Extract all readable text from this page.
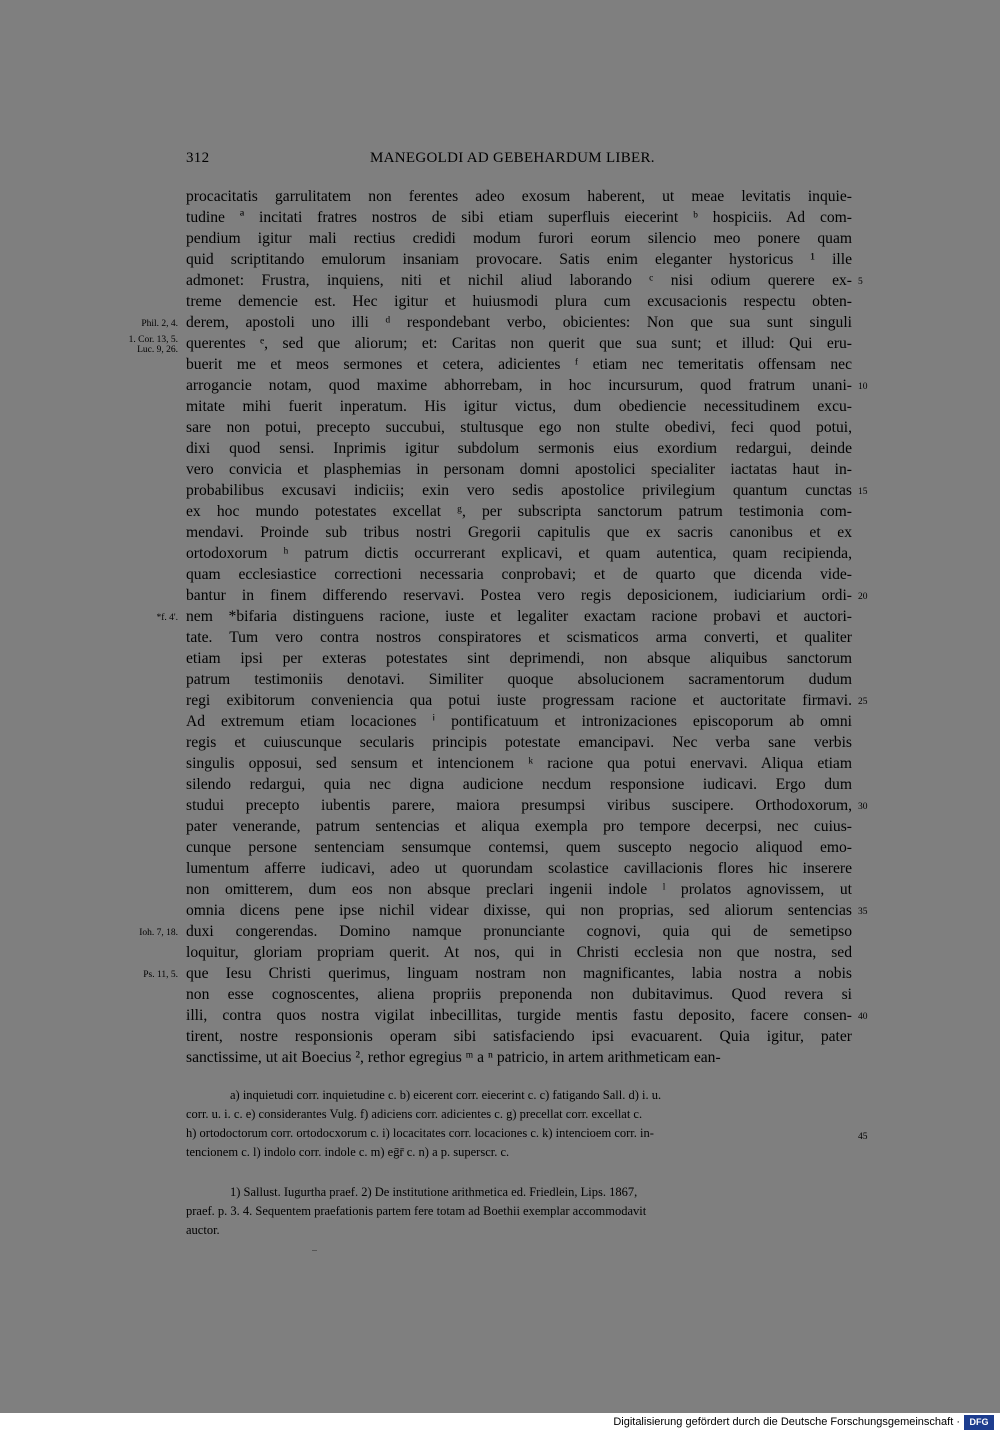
312	MANEGOLDI AD GEBEHARDUM LIBER.
procacitatis garrulitatem non ferentes adeo exosum haberent, ut meae levitatis inquie-
tudine ª incitati fratres nostros de sibi etiam superfluis eiecerint ᵇ hospiciis. Ad com-
pendium igitur mali rectius credidi modum furori eorum silencio meo ponere quam
quid scriptitando emulorum insaniam provocare. Satis enim eleganter hystoricus ¹ ille
admonet: Frustra, inquiens, niti et nichil aliud laborando ᶜ nisi odium querere ex-
treme demencie est. Hec igitur et huiusmodi plura cum excusacionis respectu obten-
derem, apostoli uno illi ᵈ respondebant verbo, obicientes: Non que sua sunt singuli
querentes ᵉ, sed que aliorum; et: Caritas non querit que sua sunt; et illud: Qui eru-
buerit me et meos sermones et cetera, adicientes ᶠ etiam nec temeritatis offensam nec
arrogancie notam, quod maxime abhorrebam, in hoc incursurum, quod fratrum unani-
mitate mihi fuerit inperatum. His igitur victus, dum obediencie necessitudinem excu-
sare non potui, precepto succubui, stultusque ego non stulte obedivi, feci quod potui,
dixi quod sensi. Inprimis igitur subdolum sermonis eius exordium redargui, deinde
vero convicia et plasphemias in personam domni apostolici specialiter iactatas haut in-
probabilibus excusavi indiciis; exin vero sedis apostolice privilegium quantum cunctas
ex hoc mundo potestates excellat ᵍ, per subscripta sanctorum patrum testimonia com-
mendavi. Proinde sub tribus nostri Gregorii capitulis que ex sacris canonibus et ex
ortodoxorum ʰ patrum dictis occurrerant explicavi, et quam autentica, quam recipienda,
quam ecclesiastice correctioni necessaria conprobavi; et de quarto que dicenda vide-
bantur in finem differendo reservavi. Postea vero regis deposicionem, iudiciarium ordi-
nem *bifaria distinguens racione, iuste et legaliter exactam racione probavi et auctori-
tate. Tum vero contra nostros conspiratores et scismaticos arma converti, et qualiter
etiam ipsi per exteras potestates sint deprimendi, non absque aliquibus sanctorum
patrum testimoniis denotavi. Similiter quoque absolucionem sacramentorum dudum
regi exibitorum conveniencia qua potui iuste progressam racione et auctoritate firmavi.
Ad extremum etiam locaciones ⁱ pontificatuum et intronizaciones episcoporum ab omni
regis et cuiuscunque secularis principis potestate emancipavi. Nec verba sane verbis
singulis opposui, sed sensum et intencionem ᵏ racione qua potui enervavi. Aliqua etiam
silendo redargui, quia nec digna audicione necdum responsione iudicavi. Ergo dum
studui precepto iubentis parere, maiora presumpsi viribus suscipere. Orthodoxorum,
pater venerande, patrum sentencias et aliqua exempla pro tempore decerpsi, nec cuius-
cunque persone sentenciam sensumque contemsi, quem suscepto negocio aliquod emo-
lumentum afferre iudicavi, adeo ut quorundam scolastice cavillacionis flores hic inserere
non omitterem, dum eos non absque preclari ingenii indole ˡ prolatos agnovissem, ut
omnia dicens pene ipse nichil videar dixisse, qui non proprias, sed aliorum sentencias
duxi congerendas. Domino namque pronunciante cognovi, quia qui de semetipso
loquitur, gloriam propriam querit. At nos, qui in Christi ecclesia non que nostra, sed
que Iesu Christi querimus, linguam nostram non magnificantes, labia nostra a nobis
non esse cognoscentes, aliena propriis preponenda non dubitavimus. Quod revera si
illi, contra quos nostra vigilat inbecillitas, turgide mentis fastu deposito, facere consen-
tirent, nostre responsionis operam sibi satisfaciendo ipsi evacuarent. Quia igitur, pater
sanctissime, ut ait Boecius ², rethor egregius ᵐ a ⁿ patricio, in artem arithmeticam ean-
Phil. 2, 4.
1. Cor. 13, 5.
Luc. 9, 26.
*f. 4'.
Ioh. 7, 18.
Ps. 11, 5.
5
10
15
20
25
30
35
40
45
a) inquietudi corr. inquietudine c. b) eicerent corr. eiecerint c. c) fatigando Sall. d) i. u.
corr. u. i. c. e) considerantes Vulg. f) adiciens corr. adicientes c. g) precellat corr. excellat c.
h) ortodoctorum corr. ortodocxorum c. i) locacitates corr. locaciones c. k) intencioem corr. in-
tencionem c. l) indolo corr. indole c. m) eḡr̄ c. n) a p. superscr. c.
1) Sallust. Iugurtha praef. 2) De institutione arithmetica ed. Friedlein, Lips. 1867,
praef. p. 3. 4. Sequentem praefationis partem fere totam ad Boethii exemplar accommodavit
auctor.
Digitalisierung gefördert durch die Deutsche Forschungsgemeinschaft ·	DFG
